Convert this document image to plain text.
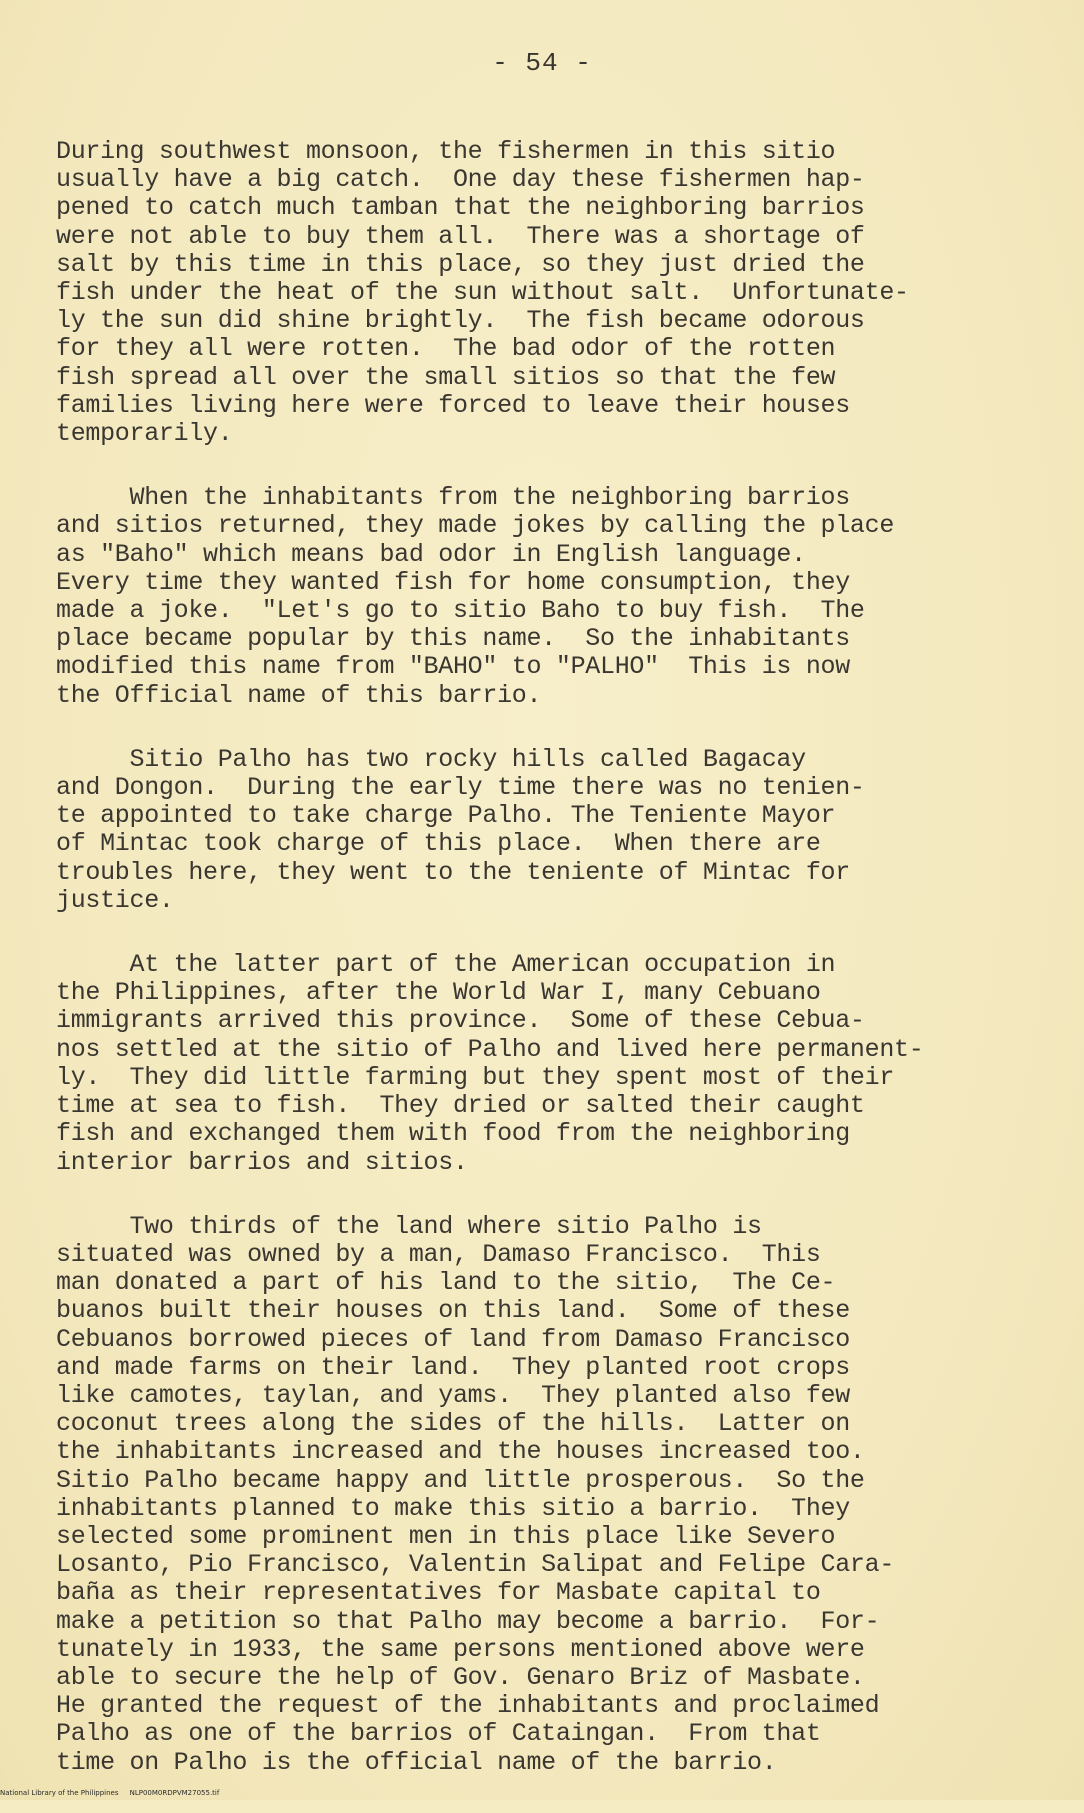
- 54 -
During southwest monsoon, the fishermen in this sitio
usually have a big catch.  One day these fishermen hap-
pened to catch much tamban that the neighboring barrios
were not able to buy them all.  There was a shortage of
salt by this time in this place, so they just dried the
fish under the heat of the sun without salt.  Unfortunate-
ly the sun did shine brightly.  The fish became odorous
for they all were rotten.  The bad odor of the rotten
fish spread all over the small sitios so that the few
families living here were forced to leave their houses
temporarily.
When the inhabitants from the neighboring barrios
and sitios returned, they made jokes by calling the place
as "Baho" which means bad odor in English language.
Every time they wanted fish for home consumption, they
made a joke.  "Let's go to sitio Baho to buy fish.  The
place became popular by this name.  So the inhabitants
modified this name from "BAHO" to "PALHO"  This is now
the Official name of this barrio.
Sitio Palho has two rocky hills called Bagacay
and Dongon.  During the early time there was no tenien-
te appointed to take charge Palho. The Teniente Mayor
of Mintac took charge of this place.  When there are
troubles here, they went to the teniente of Mintac for
justice.
At the latter part of the American occupation in
the Philippines, after the World War I, many Cebuano
immigrants arrived this province.  Some of these Cebua-
nos settled at the sitio of Palho and lived here permanent-
ly.  They did little farming but they spent most of their
time at sea to fish.  They dried or salted their caught
fish and exchanged them with food from the neighboring
interior barrios and sitios.
Two thirds of the land where sitio Palho is
situated was owned by a man, Damaso Francisco.  This
man donated a part of his land to the sitio,  The Ce-
buanos built their houses on this land.  Some of these
Cebuanos borrowed pieces of land from Damaso Francisco
and made farms on their land.  They planted root crops
like camotes, taylan, and yams.  They planted also few
coconut trees along the sides of the hills.  Latter on
the inhabitants increased and the houses increased too.
Sitio Palho became happy and little prosperous.  So the
inhabitants planned to make this sitio a barrio.  They
selected some prominent men in this place like Severo
Losanto, Pio Francisco, Valentin Salipat and Felipe Cara-
baña as their representatives for Masbate capital to
make a petition so that Palho may become a barrio.  For-
tunately in 1933, the same persons mentioned above were
able to secure the help of Gov. Genaro Briz of Masbate.
He granted the request of the inhabitants and proclaimed
Palho as one of the barrios of Cataingan.  From that
time on Palho is the official name of the barrio.
National Library of the Philippines     NLP00M0RDPVM27055.tif
